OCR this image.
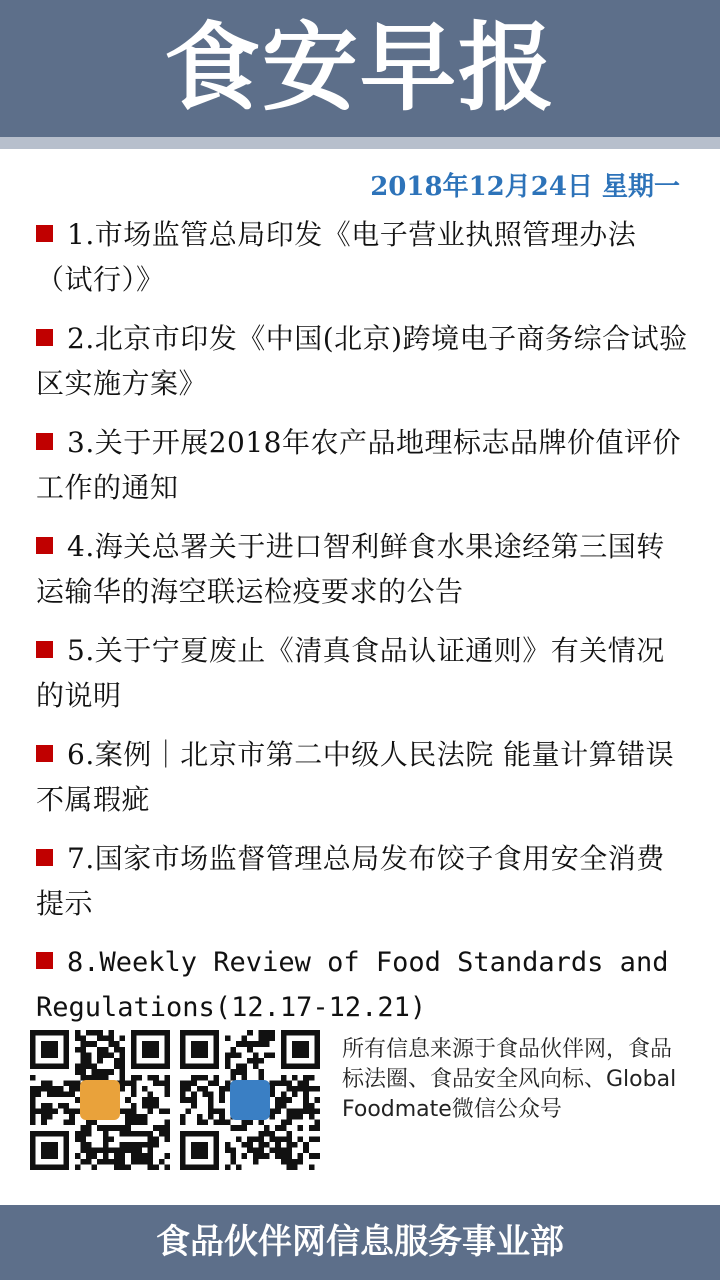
食安早报
2018年12月24日 星期一
1.市场监管总局印发《电子营业执照管理办法（试行）》
2.北京市印发《中国(北京)跨境电子商务综合试验区实施方案》
3.关于开展2018年农产品地理标志品牌价值评价工作的通知
4.海关总署关于进口智利鲜食水果途经第三国转运输华的海空联运检疫要求的公告
5.关于宁夏废止《清真食品认证通则》有关情况的说明
6.案例｜北京市第二中级人民法院 能量计算错误不属瑕疵
7.国家市场监督管理总局发布饺子食用安全消费提示
8.Weekly Review of Food Standards and Regulations(12.17-12.21)
所有信息来源于食品伙伴网，食品标法圈、食品安全风向标、Global Foodmate微信公众号
食品伙伴网信息服务事业部
